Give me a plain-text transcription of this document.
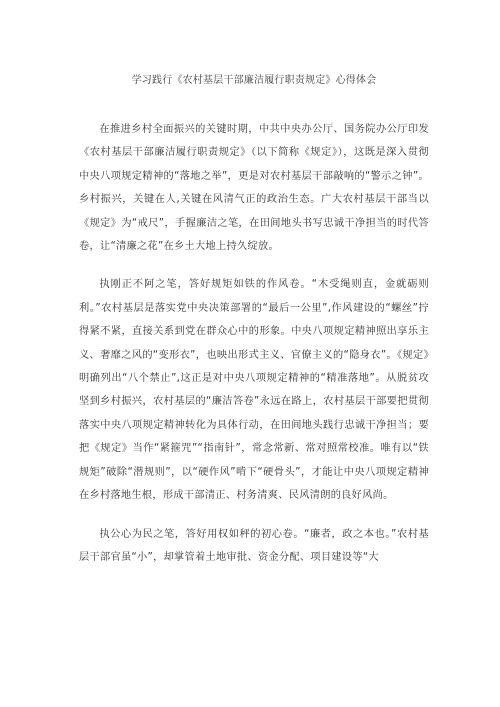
学习践行《农村基层干部廉洁履行职责规定》心得体会

在推进乡村全面振兴的关键时期，中共中央办公厅、国务院办公厅印发《农村基层干部廉洁履行职责规定》（以下简称《规定》），这既是深入贯彻中央八项规定精神的“落地之举”，更是对农村基层干部敲响的“警示之钟”。乡村振兴，关键在人,关键在风清气正的政治生态。广大农村基层干部当以《规定》为“戒尺”，手握廉洁之笔，在田间地头书写忠诚干净担当的时代答卷，让“清廉之花”在乡土大地上持久绽放。

执刚正不阿之笔，答好规矩如铁的作风卷。“木受绳则直，金就砺则利。”农村基层是落实党中央决策部署的“最后一公里”,作风建设的“螺丝”拧得紧不紧，直接关系到党在群众心中的形象。中央八项规定精神照出享乐主义、奢靡之风的“变形衣”，也映出形式主义、官僚主义的“隐身衣”。《规定》明确列出“八个禁止”,这正是对中央八项规定精神的“精准落地”。从脱贫攻坚到乡村振兴，农村基层的“廉洁答卷”永远在路上，农村基层干部要把贯彻落实中央八项规定精神转化为具体行动，在田间地头践行忠诚干净担当；要把《规定》当作“紧箍咒”“指南针”，常念常新、常对照常校准。唯有以“铁规矩”破除“潜规则”，以“硬作风”啃下“硬骨头”，才能让中央八项规定精神在乡村落地生根，形成干部清正、村务清爽、民风清朗的良好风尚。

执公心为民之笔，答好用权如秤的初心卷。“廉者，政之本也。”农村基层干部官虽“小”，却掌管着土地审批、资金分配、项目建设等“大
